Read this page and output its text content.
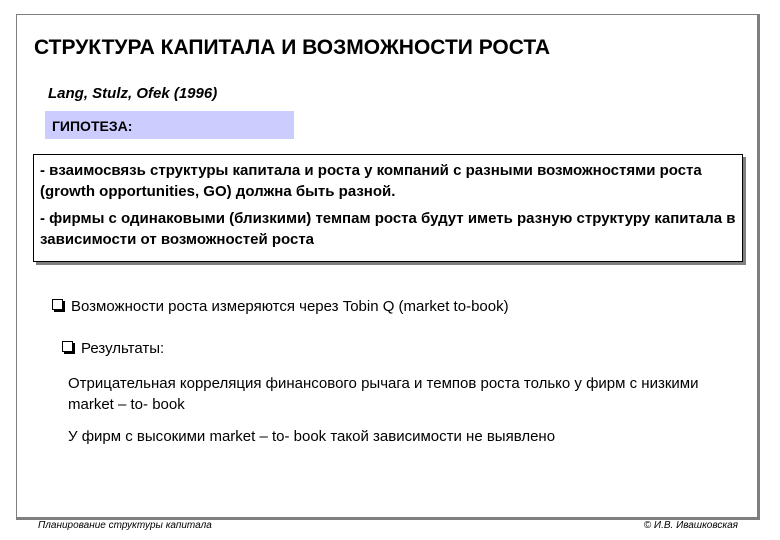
СТРУКТУРА КАПИТАЛА И ВОЗМОЖНОСТИ РОСТА
Lang, Stulz, Ofek (1996)
ГИПОТЕЗА:

- взаимосвязь структуры капитала и роста у компаний с разными возможностями роста (growth opportunities, GO) должна быть разной.

- фирмы с одинаковыми (близкими) темпам роста будут иметь разную структуру капитала в зависимости от возможностей роста

Возможности роста измеряются через Tobin Q (market to-book)
Результаты:
Отрицательная корреляция финансового рычага и темпов роста только у фирм с низкими market – to- book
У фирм с высокими market – to- book такой зависимости не выявлено
Планирование структуры капитала	© И.В. Ивашковская
